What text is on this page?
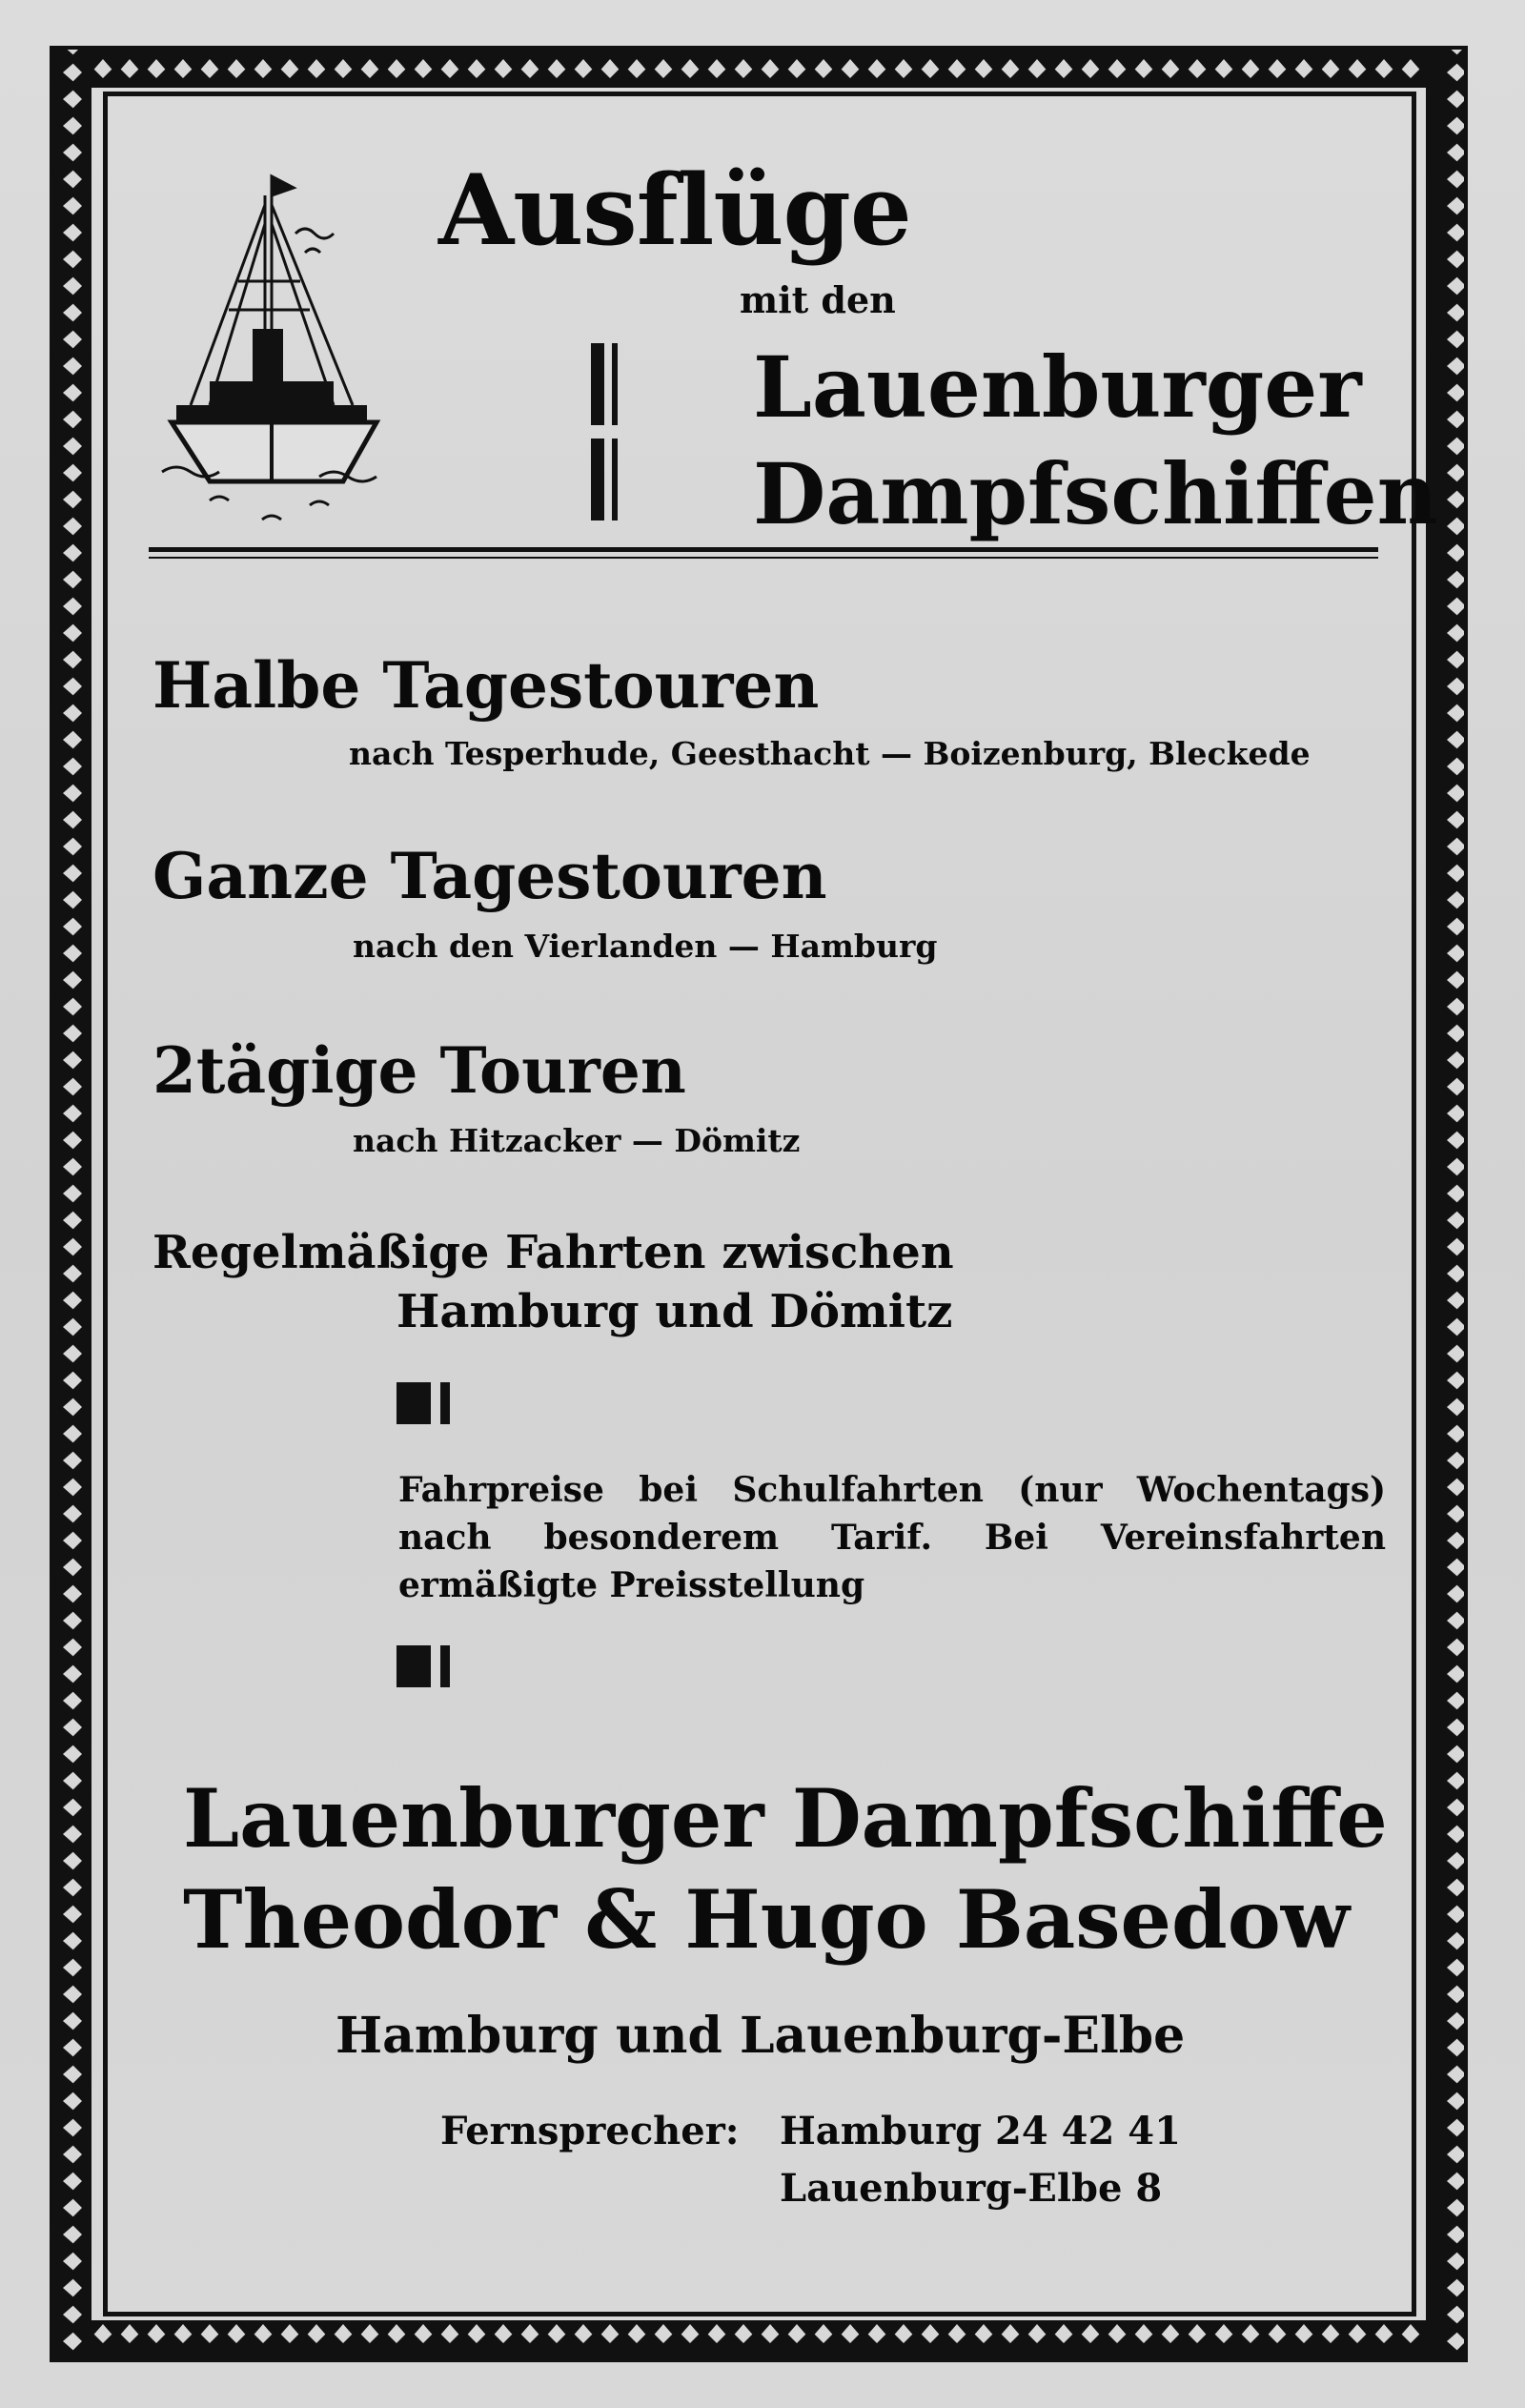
Ausflüge

mit den

Lauenburger
Dampfschiffen
Halbe Tagestouren

nach Tesperhude, Geesthacht — Boizenburg, Bleckede

Ganze Tagestouren

nach den Vierlanden — Hamburg

2tägige Touren

nach Hitzacker — Dömitz

Regelmäßige Fahrten zwischen

Hamburg und Dömitz

Fahrpreise bei Schulfahrten (nur Wochentags) nach besonderem Tarif. Bei Vereinsfahrten ermäßigte Preisstellung

Lauenburger Dampfschiffe

Theodor & Hugo Basedow

Hamburg und Lauenburg-Elbe

Fernsprecher: Hamburg 24 42 41

Lauenburg-Elbe 8
